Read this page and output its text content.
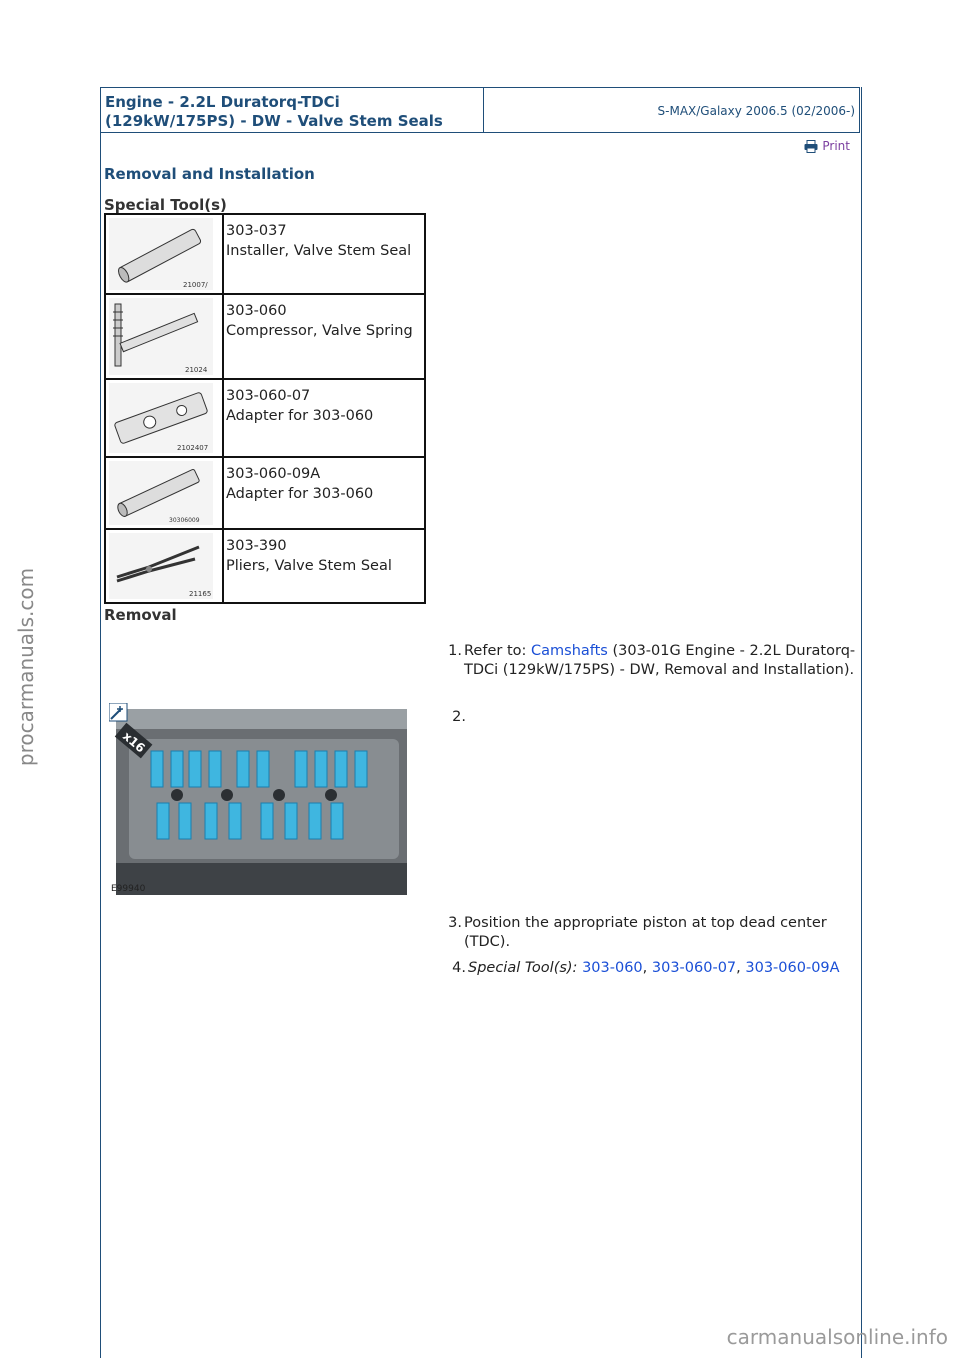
Engine - 2.2L Duratorq-TDCi
(129kW/175PS) - DW - Valve Stem Seals
S-MAX/Galaxy 2006.5 (02/2006-)
Print
Removal and Installation
Special Tool(s)
21007/	303-037
Installer, Valve Stem Seal

21024	303-060
Compressor, Valve Spring

2102407	303-060-07
Adapter for 303-060

30306009	303-060-09A
Adapter for 303-060

21165	303-390
Pliers, Valve Stem Seal
Removal
1. Refer to: Camshafts (303-01G Engine - 2.2L Duratorq-TDCi (129kW/175PS) - DW, Removal and Installation).
2.
x16
E99940
3. Position the appropriate piston at top dead center (TDC).
4. Special Tool(s): 303-060, 303-060-07, 303-060-09A
procarmanuals.com
carmanualsonline.info
